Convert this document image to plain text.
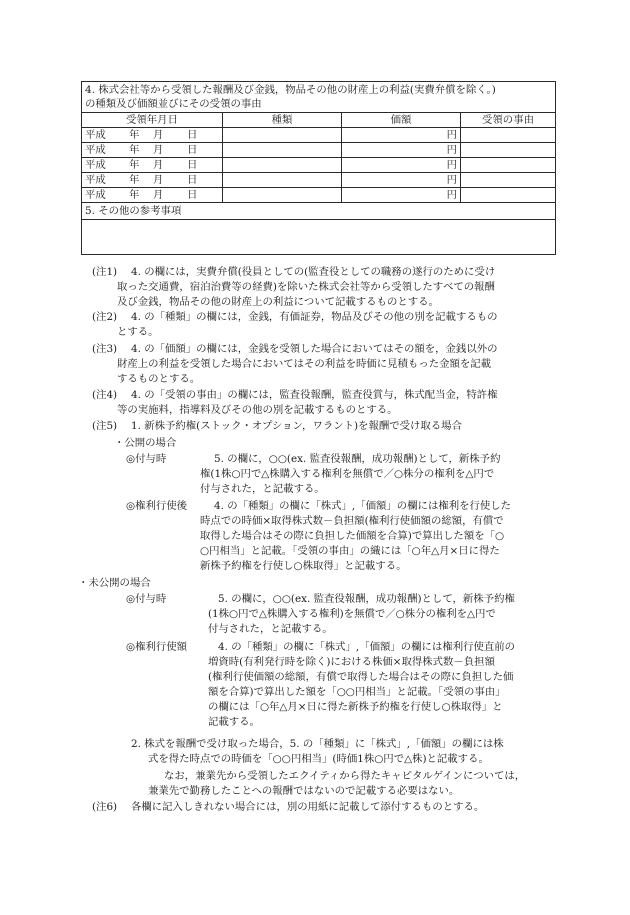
4. 株式会社等から受領した報酬及び金銭，物品その他の財産上の利益(実費弁償を除く。)
の種類及び価額並びにその受領の事由
受領年月日	種類	価額	受領の事由

平成 年 月 日		円	

平成 年 月 日		円	

平成 年 月 日		円	

平成 年 月 日		円	

平成 年 月 日		円	
5. その他の参考事項
(注1) 4. の欄には，実費弁償(役員としての(監査役としての職務の遂行のために受け
取った交通費，宿泊治費等の経費)を除いた株式会社等から受領したすべての報酬
及び金銭，物品その他の財産上の利益について記載するものとする。
(注2) 4. の「種類」の欄には，金銭，有価証券，物品及びその他の別を記載するもの
とする。
(注3) 4. の「価額」の欄には，金銭を受領した場合においてはその額を，金銭以外の
財産上の利益を受領した場合においてはその利益を時価に見積もった金額を記載
するものとする。
(注4) 4. の「受領の事由」の欄には，監査役報酬，監査役賞与，株式配当金，特許権
等の実施料，指導料及びその他の別を記載するものとする。
(注5) 1. 新株予約権(ストック・オプション，ワラント)を報酬で受け取る場合
・公開の場合
◎付与時	5. の欄に，○○(ex. 監査役報酬，成功報酬)として，新株予約
権(1株○円で△株購入する権利を無償で／○株分の権利を△円で
付与された，と記載する。
◎権利行使後	4. の「種類」の欄に「株式」,「価額」の欄には権利を行使した
時点での時価×取得株式数－負担額(権利行使価額の総額，有償で
取得した場合はその際に負担した価額を合算)で算出した額を「○
○円相当」と記載。「受領の事由」の織には「○年△月×日に得た
新株予約権を行使し○株取得」と記載する。
・未公開の場合
◎付与時	5. の欄に，○○(ex. 監査役報酬，成功報酬)として，新株予約権
(1株○円で△株購入する権利)を無償で／○株分の権利を△円で
付与された，と記載する。
◎権利行使額	4. の「種類」の欄に「株式」,「価額」の欄には権利行使直前の
増資時(有利発行時を除く)における株価×取得株式数－負担額
(権利行使価額の総額，有償で取得した場合はその際に負担した価
額を合算)で算出した額を「○○円相当」と記載。「受領の事由」
の欄には「○年△月×日に得た新株予約権を行使し○株取得」と
記載する。
2. 株式を報酬で受け取った場合，5. の「種類」に「株式」,「価額」の欄には株
式を得た時点での時価を「○○円相当」(時価1株○円で△株)と記載する。
なお，兼業先から受領したエクイティから得たキャピタルゲインについては，
兼業先で勤務したことへの報酬ではないので記載する必要はない。
(注6) 各欄に記入しきれない場合には，別の用紙に記載して添付するものとする。
